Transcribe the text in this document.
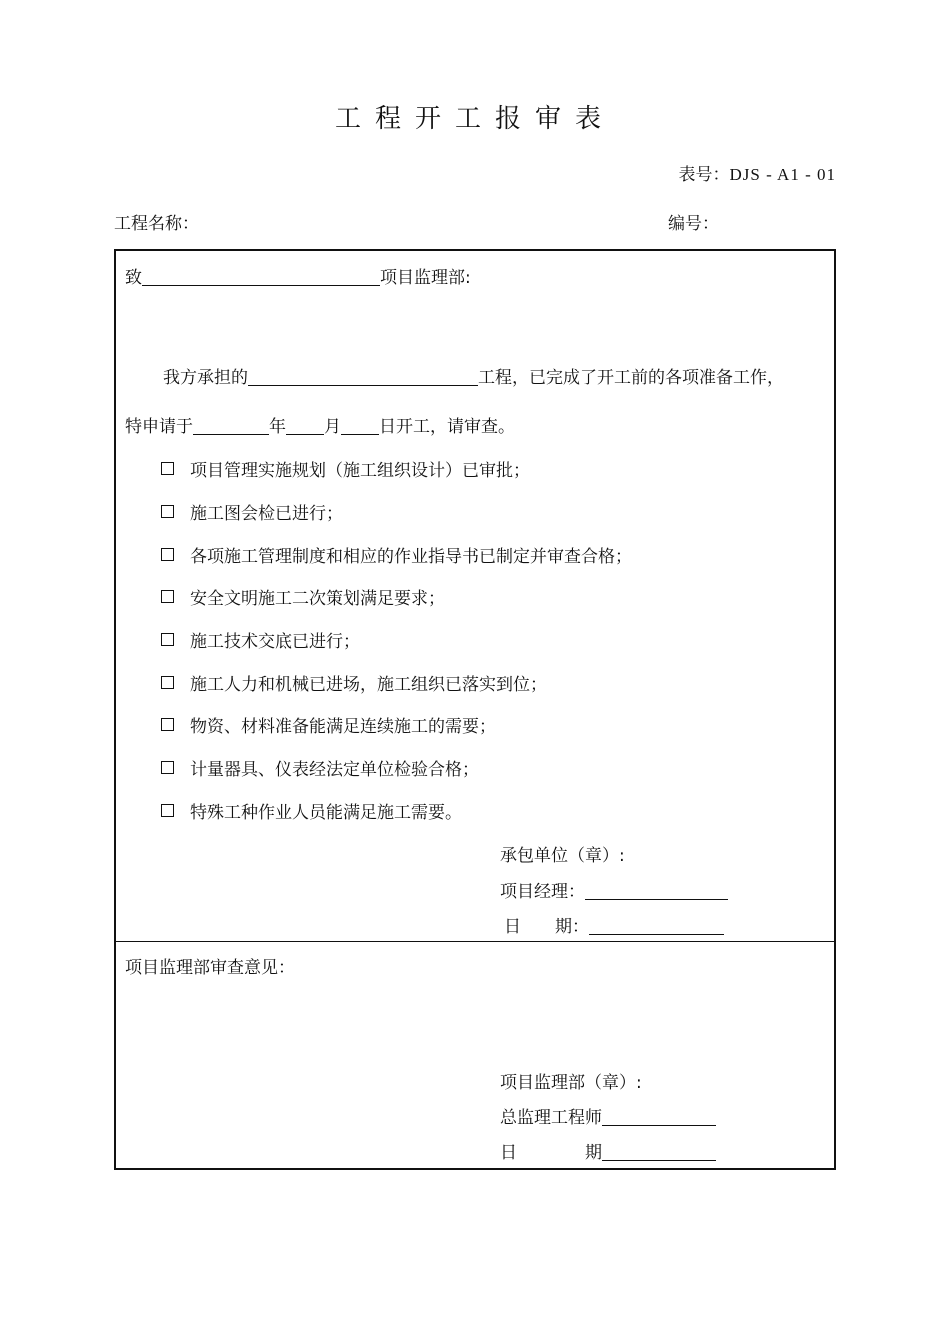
工程开工报审表
表号：DJS - A1 - 01
工程名称：	编号：
致	项目监理部:
我方承担的	工程，已完成了开工前的各项准备工作，
特申请于	年 月 日开工，请审查。
项目管理实施规划（施工组织设计）已审批；
施工图会检已进行；
各项施工管理制度和相应的作业指导书已制定并审查合格；
安全文明施工二次策划满足要求；
施工技术交底已进行；
施工人力和机械已进场，施工组织已落实到位；
物资、材料准备能满足连续施工的需要；
计量器具、仪表经法定单位检验合格；
特殊工种作业人员能满足施工需要。
承包单位（章）:
项目经理：
日　　期：
项目监理部审查意见：
项目监理部（章）:
总监理工程师
日　　　　期
